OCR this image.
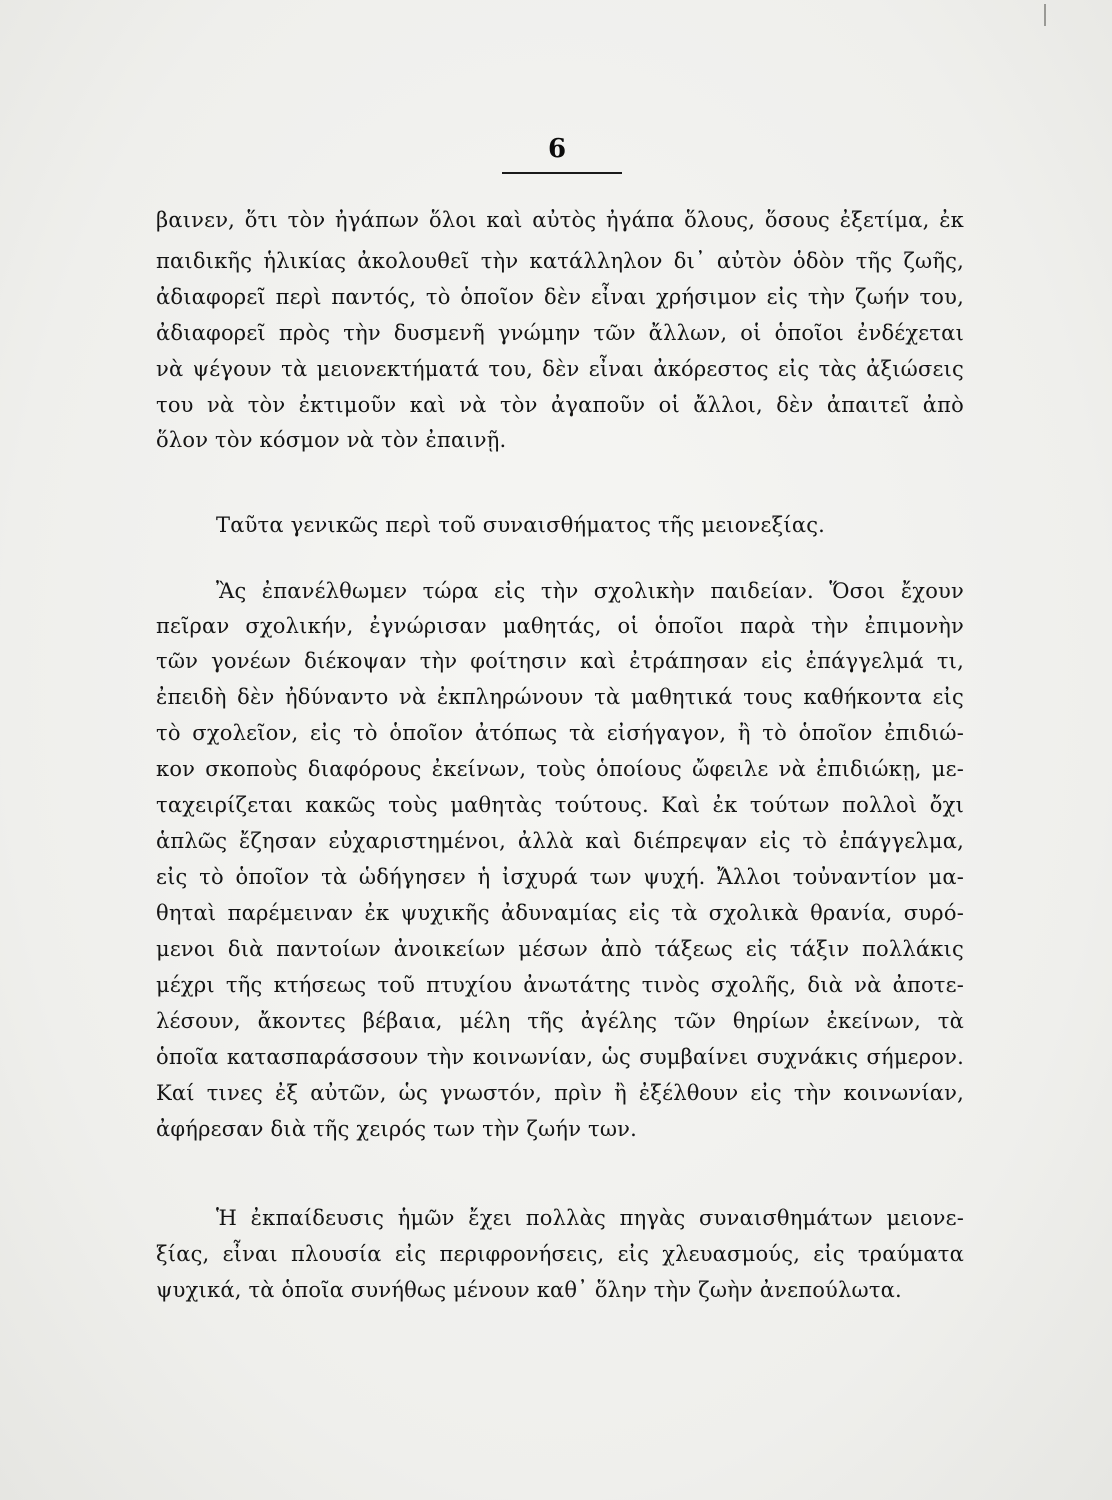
6
βαινεν, ὅτι τὸν ἠγάπων ὅλοι καὶ αὐτὸς ἠγάπα ὅλους, ὅσους ἐξετίμα, ἐκ
παιδικῆς ἡλικίας ἀκολουθεῖ τὴν κατάλληλον δι᾽ αὐτὸν ὁδὸν τῆς ζωῆς,
ἀδιαφορεῖ περὶ παντός, τὸ ὁποῖον δὲν εἶναι χρήσιμον εἰς τὴν ζωήν του,
ἀδιαφορεῖ πρὸς τὴν δυσμενῆ γνώμην τῶν ἄλλων, οἱ ὁποῖοι ἐνδέχεται
νὰ ψέγουν τὰ μειονεκτήματά του, δὲν εἶναι ἀκόρεστος εἰς τὰς ἀξιώσεις
του νὰ τὸν ἐκτιμοῦν καὶ νὰ τὸν ἀγαποῦν οἱ ἄλλοι, δὲν ἀπαιτεῖ ἀπὸ
ὅλον τὸν κόσμον νὰ τὸν ἐπαινῇ.
Ταῦτα γενικῶς περὶ τοῦ συναισθήματος τῆς μειονεξίας.
Ἂς ἐπανέλθωμεν τώρα εἰς τὴν σχολικὴν παιδείαν. Ὅσοι ἔχουν
πεῖραν σχολικήν, ἐγνώρισαν μαθητάς, οἱ ὁποῖοι παρὰ τὴν ἐπιμονὴν
τῶν γονέων διέκοψαν τὴν φοίτησιν καὶ ἐτράπησαν εἰς ἐπάγγελμά τι,
ἐπειδὴ δὲν ἠδύναντο νὰ ἐκπληρώνουν τὰ μαθητικά τους καθήκοντα εἰς
τὸ σχολεῖον, εἰς τὸ ὁποῖον ἀτόπως τὰ εἰσήγαγον, ἢ τὸ ὁποῖον ἐπιδιώ-
κον σκοποὺς διαφόρους ἐκείνων, τοὺς ὁποίους ὤφειλε νὰ ἐπιδιώκῃ, με-
ταχειρίζεται κακῶς τοὺς μαθητὰς τούτους. Καὶ ἐκ τούτων πολλοὶ ὄχι
ἁπλῶς ἔζησαν εὐχαριστημένοι, ἀλλὰ καὶ διέπρεψαν εἰς τὸ ἐπάγγελμα,
εἰς τὸ ὁποῖον τὰ ὡδήγησεν ἡ ἰσχυρά των ψυχή. Ἄλλοι τοὐναντίον μα-
θηταὶ παρέμειναν ἐκ ψυχικῆς ἀδυναμίας εἰς τὰ σχολικὰ θρανία, συρό-
μενοι διὰ παντοίων ἀνοικείων μέσων ἀπὸ τάξεως εἰς τάξιν πολλάκις
μέχρι τῆς κτήσεως τοῦ πτυχίου ἀνωτάτης τινὸς σχολῆς, διὰ νὰ ἀποτε-
λέσουν, ἄκοντες βέβαια, μέλη τῆς ἀγέλης τῶν θηρίων ἐκείνων, τὰ
ὁποῖα κατασπαράσσουν τὴν κοινωνίαν, ὡς συμβαίνει συχνάκις σήμερον.
Καί τινες ἐξ αὐτῶν, ὡς γνωστόν, πρὶν ἢ ἐξέλθουν εἰς τὴν κοινωνίαν,
ἀφήρεσαν διὰ τῆς χειρός των τὴν ζωήν των.
Ἡ ἐκπαίδευσις ἡμῶν ἔχει πολλὰς πηγὰς συναισθημάτων μειονε-
ξίας, εἶναι πλουσία εἰς περιφρονήσεις, εἰς χλευασμούς, εἰς τραύματα
ψυχικά, τὰ ὁποῖα συνήθως μένουν καθ᾽ ὅλην τὴν ζωὴν ἀνεπούλωτα.
